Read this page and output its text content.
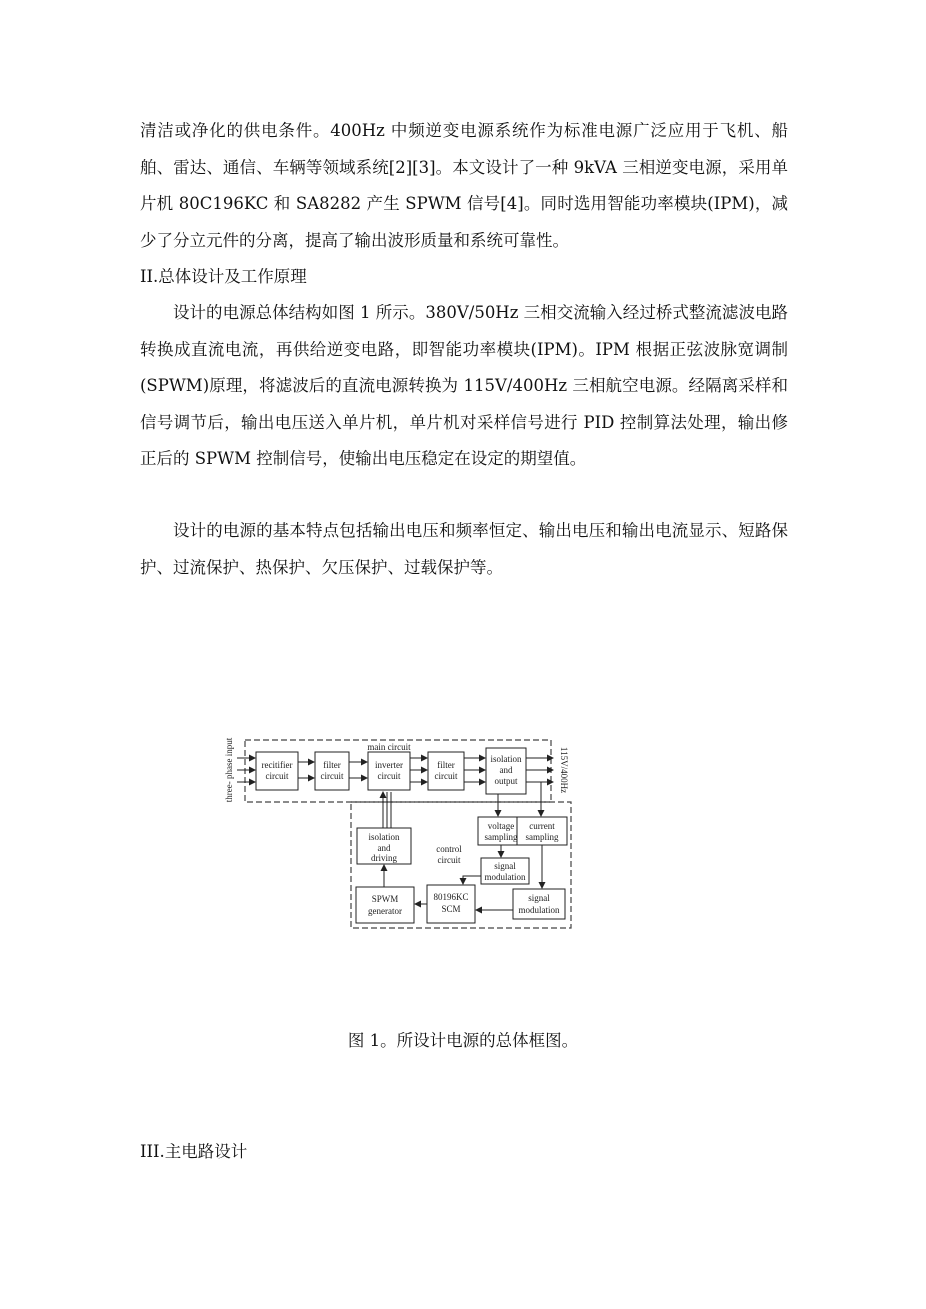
清洁或净化的供电条件。400Hz 中频逆变电源系统作为标准电源广泛应用于飞机、船舶、雷达、通信、车辆等领域系统[2][3]。本文设计了一种 9kVA 三相逆变电源，采用单片机 80C196KC 和 SA8282 产生 SPWM 信号[4]。同时选用智能功率模块(IPM)，减少了分立元件的分离，提高了输出波形质量和系统可靠性。

II.总体设计及工作原理

设计的电源总体结构如图 1 所示。380V/50Hz 三相交流输入经过桥式整流滤波电路转换成直流电流，再供给逆变电路，即智能功率模块(IPM)。IPM 根据正弦波脉宽调制(SPWM)原理，将滤波后的直流电源转换为 115V/400Hz 三相航空电源。经隔离采样和信号调节后，输出电压送入单片机，单片机对采样信号进行 PID 控制算法处理，输出修正后的 SPWM 控制信号，使输出电压稳定在设定的期望值。

设计的电源的基本特点包括输出电压和频率恒定、输出电压和输出电流显示、短路保护、过流保护、热保护、欠压保护、过载保护等。

main circuit
control
circuit
three- phase input	115V/400Hz
recitifier
circuit
filter
circuit
inverter
circuit
filter
circuit
isolation
and
output
voltage
sampling
current
sampling
signal
modulation
signal
modulation
80196KC
SCM
SPWM
generator
isolation
and
driving

图 1。所设计电源的总体框图。

III.主电路设计
